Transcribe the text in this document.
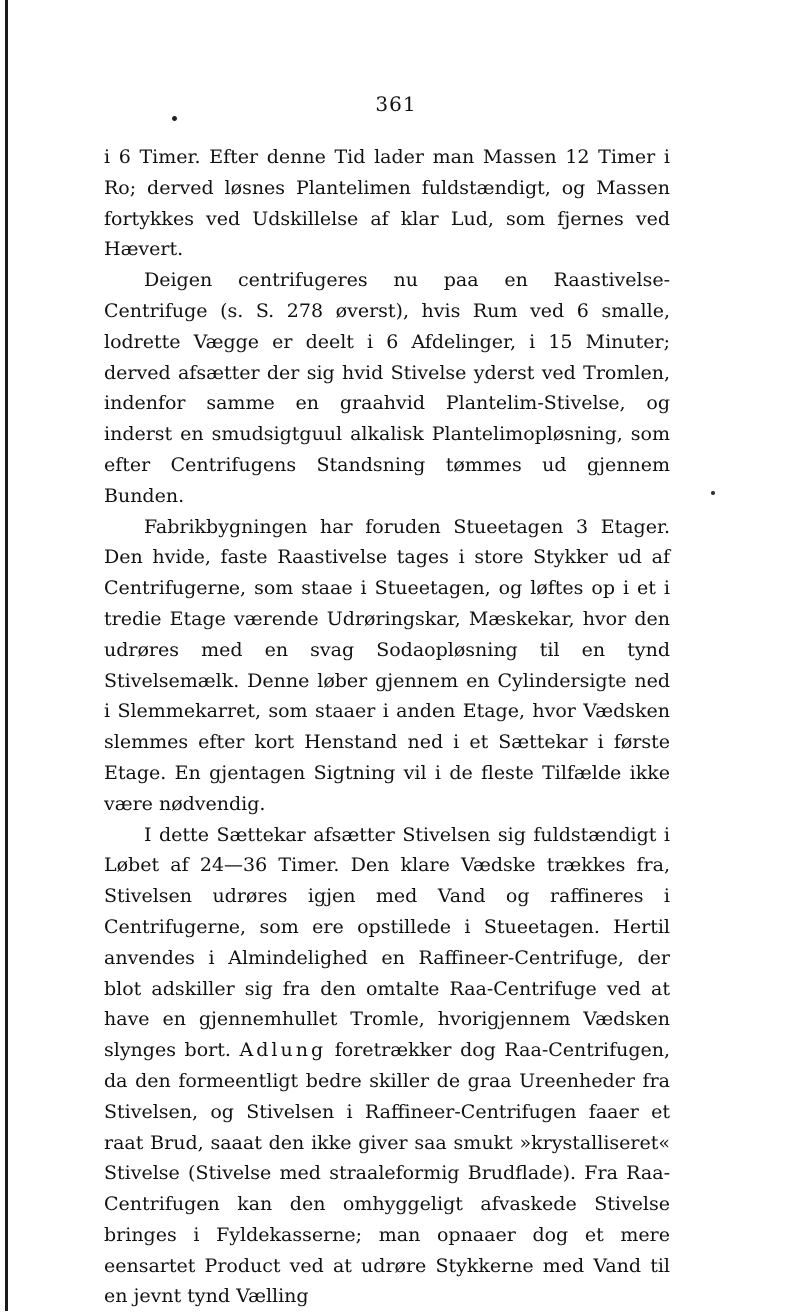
361

i 6 Timer. Efter denne Tid lader man Massen 12 Timer i Ro; derved løsnes Plantelimen fuldstændigt, og Massen fortykkes ved Udskillelse af klar Lud, som fjernes ved Hævert.

Deigen centrifugeres nu paa en Raastivelse-Centrifuge (s. S. 278 øverst), hvis Rum ved 6 smalle, lodrette Vægge er deelt i 6 Afdelinger, i 15 Minuter; derved afsætter der sig hvid Stivelse yderst ved Tromlen, indenfor samme en graahvid Plantelim-Stivelse, og inderst en smudsigtguul alkalisk Plantelimopløsning, som efter Centrifugens Standsning tømmes ud gjennem Bunden.

Fabrikbygningen har foruden Stueetagen 3 Etager. Den hvide, faste Raastivelse tages i store Stykker ud af Centrifugerne, som staae i Stueetagen, og løftes op i et i tredie Etage værende Udrøringskar, Mæskekar, hvor den udrøres med en svag Sodaopløsning til en tynd Stivelsemælk. Denne løber gjennem en Cylindersigte ned i Slemmekarret, som staaer i anden Etage, hvor Vædsken slemmes efter kort Henstand ned i et Sættekar i første Etage. En gjentagen Sigtning vil i de fleste Tilfælde ikke være nødvendig.

I dette Sættekar afsætter Stivelsen sig fuldstændigt i Løbet af 24—36 Timer. Den klare Vædske trækkes fra, Stivelsen udrøres igjen med Vand og raffineres i Centrifugerne, som ere opstillede i Stueetagen. Hertil anvendes i Almindelighed en Raffineer-Centrifuge, der blot adskiller sig fra den omtalte Raa-Centrifuge ved at have en gjennemhullet Tromle, hvorigjennem Vædsken slynges bort. Adlung foretrækker dog Raa-Centrifugen, da den formeentligt bedre skiller de graa Ureenheder fra Stivelsen, og Stivelsen i Raffineer-Centrifugen faaer et raat Brud, saaat den ikke giver saa smukt »krystalliseret« Stivelse (Stivelse med straaleformig Brudflade). Fra Raa-Centrifugen kan den omhyggeligt afvaskede Stivelse bringes i Fyldekasserne; man opnaaer dog et mere eensartet Product ved at udrøre Stykkerne med Vand til en jevnt tynd Vælling
